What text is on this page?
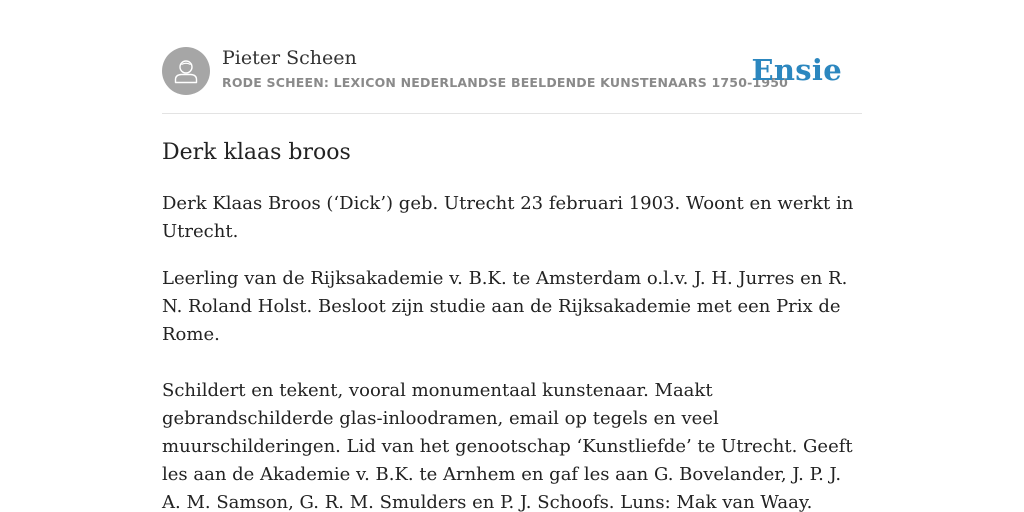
Pieter Scheen
RODE SCHEEN: LEXICON NEDERLANDSE BEELDENDE KUNSTENAARS 1750-1950
Ensie
Derk klaas broos

Derk Klaas Broos (‘Dick’) geb. Utrecht 23 februari 1903. Woont en werkt in Utrecht.

Leerling van de Rijksakademie v. B.K. te Amsterdam o.l.v. J. H. Jurres en R. N. Roland Holst. Besloot zijn studie aan de Rijksakademie met een Prix de Rome.

Schildert en tekent, vooral monumentaal kunstenaar. Maakt gebrandschilderde glas-inloodramen, email op tegels en veel muurschilderingen. Lid van het genootschap ‘Kunstliefde’ te Utrecht. Geeft les aan de Akademie v. B.K. te Arnhem en gaf les aan G. Bovelander, J. P. J. A. M. Samson, G. R. M. Smulders en P. J. Schoofs. Luns: Mak van Waay.
